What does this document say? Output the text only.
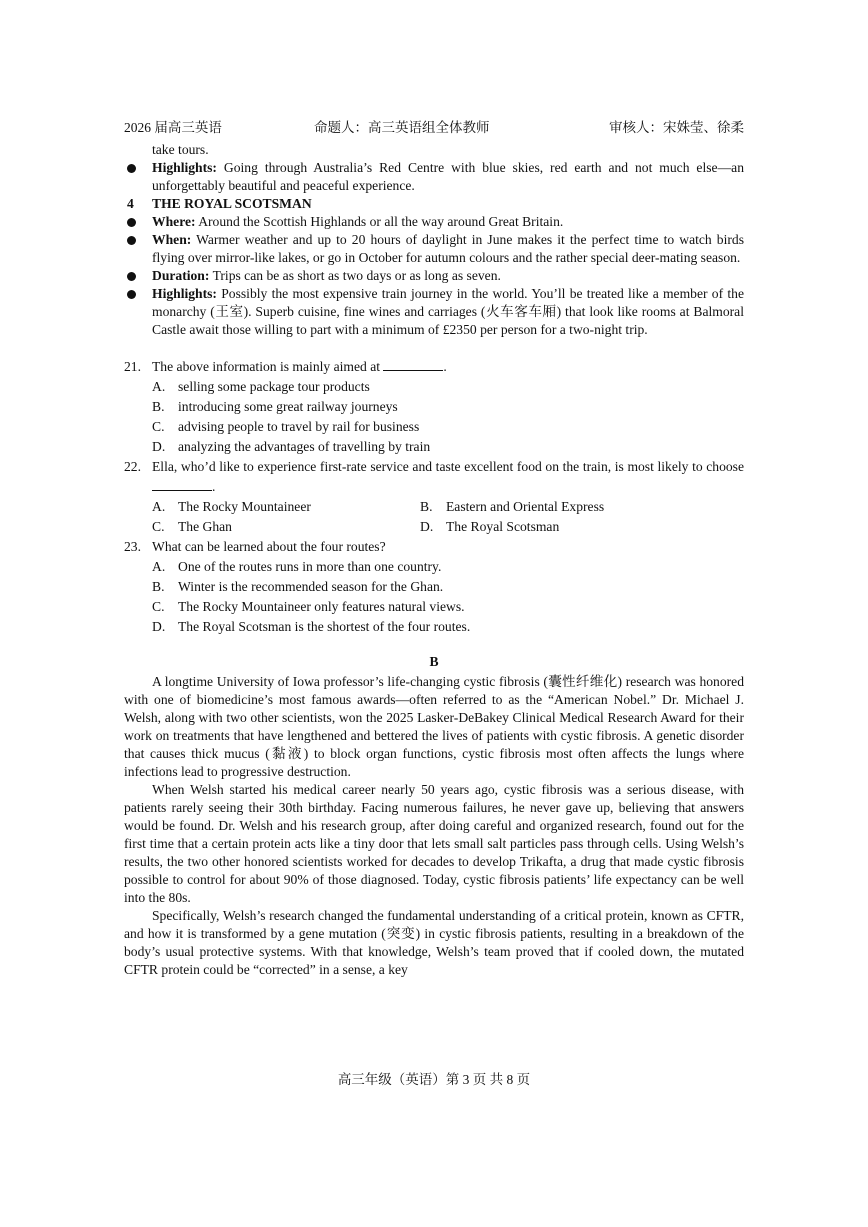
2026 届高三英语	命题人：高三英语组全体教师	审核人：宋姝莹、徐柔

take tours.

Highlights: Going through Australia’s Red Centre with blue skies, red earth and not much else—an unforgettably beautiful and peaceful experience.
4 THE ROYAL SCOTSMAN
Where: Around the Scottish Highlands or all the way around Great Britain.
When: Warmer weather and up to 20 hours of daylight in June makes it the perfect time to watch birds flying over mirror-like lakes, or go in October for autumn colours and the rather special deer-mating season.
Duration: Trips can be as short as two days or as long as seven.
Highlights: Possibly the most expensive train journey in the world. You’ll be treated like a member of the monarchy (王室). Superb cuisine, fine wines and carriages (火车客车厢) that look like rooms at Balmoral Castle await those willing to part with a minimum of £2350 per person for a two-night trip.
21. The above information is mainly aimed at	.
A. selling some package tour products
B. introducing some great railway journeys
C. advising people to travel by rail for business
D. analyzing the advantages of travelling by train
22. Ella, who’d like to experience first-rate service and taste excellent food on the train, is most likely to choose .
A. The Rocky Mountaineer	B. Eastern and Oriental Express
C. The Ghan	D. The Royal Scotsman
23. What can be learned about the four routes?
A. One of the routes runs in more than one country.
B. Winter is the recommended season for the Ghan.
C. The Rocky Mountaineer only features natural views.
D. The Royal Scotsman is the shortest of the four routes.
B

A longtime University of Iowa professor’s life-changing cystic fibrosis (囊性纤维化) research was honored with one of biomedicine’s most famous awards—often referred to as the “American Nobel.” Dr. Michael J. Welsh, along with two other scientists, won the 2025 Lasker-DeBakey Clinical Medical Research Award for their work on treatments that have lengthened and bettered the lives of patients with cystic fibrosis. A genetic disorder that causes thick mucus (黏液) to block organ functions, cystic fibrosis most often affects the lungs where infections lead to progressive destruction.

When Welsh started his medical career nearly 50 years ago, cystic fibrosis was a serious disease, with patients rarely seeing their 30th birthday. Facing numerous failures, he never gave up, believing that answers would be found. Dr. Welsh and his research group, after doing careful and organized research, found out for the first time that a certain protein acts like a tiny door that lets small salt particles pass through cells. Using Welsh’s results, the two other honored scientists worked for decades to develop Trikafta, a drug that made cystic fibrosis possible to control for about 90% of those diagnosed. Today, cystic fibrosis patients’ life expectancy can be well into the 80s.

Specifically, Welsh’s research changed the fundamental understanding of a critical protein, known as CFTR, and how it is transformed by a gene mutation (突变) in cystic fibrosis patients, resulting in a breakdown of the body’s usual protective systems. With that knowledge, Welsh’s team proved that if cooled down, the mutated CFTR protein could be “corrected” in a sense, a key

高三年级（英语）第 3 页 共 8 页
